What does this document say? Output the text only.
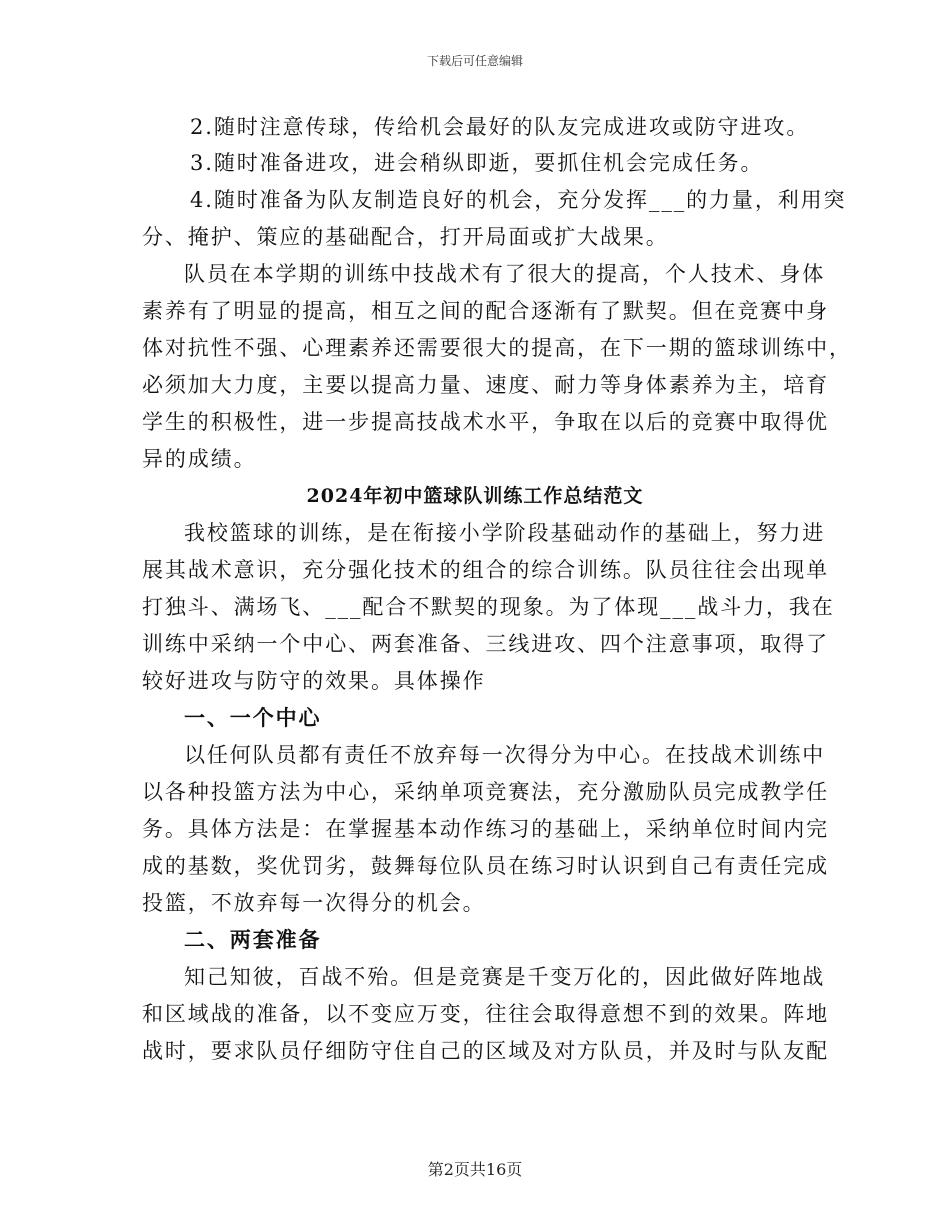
下载后可任意编辑
2.随时注意传球，传给机会最好的队友完成进攻或防守进攻。
3.随时准备进攻，进会稍纵即逝，要抓住机会完成任务。
4.随时准备为队友制造良好的机会，充分发挥___的力量，利用突
分、掩护、策应的基础配合，打开局面或扩大战果。
队员在本学期的训练中技战术有了很大的提高，个人技术、身体
素养有了明显的提高，相互之间的配合逐渐有了默契。但在竞赛中身
体对抗性不强、心理素养还需要很大的提高，在下一期的篮球训练中，
必须加大力度，主要以提高力量、速度、耐力等身体素养为主，培育
学生的积极性，进一步提高技战术水平，争取在以后的竞赛中取得优
异的成绩。
2024年初中篮球队训练工作总结范文
我校篮球的训练，是在衔接小学阶段基础动作的基础上，努力进
展其战术意识，充分强化技术的组合的综合训练。队员往往会出现单
打独斗、满场飞、___配合不默契的现象。为了体现___战斗力，我在
训练中采纳一个中心、两套准备、三线进攻、四个注意事项，取得了
较好进攻与防守的效果。具体操作
一、一个中心
以任何队员都有责任不放弃每一次得分为中心。在技战术训练中
以各种投篮方法为中心，采纳单项竞赛法，充分激励队员完成教学任
务。具体方法是：在掌握基本动作练习的基础上，采纳单位时间内完
成的基数，奖优罚劣，鼓舞每位队员在练习时认识到自己有责任完成
投篮，不放弃每一次得分的机会。
二、两套准备
知己知彼，百战不殆。但是竞赛是千变万化的，因此做好阵地战
和区域战的准备，以不变应万变，往往会取得意想不到的效果。阵地
战时，要求队员仔细防守住自己的区域及对方队员，并及时与队友配
第2页共16页
